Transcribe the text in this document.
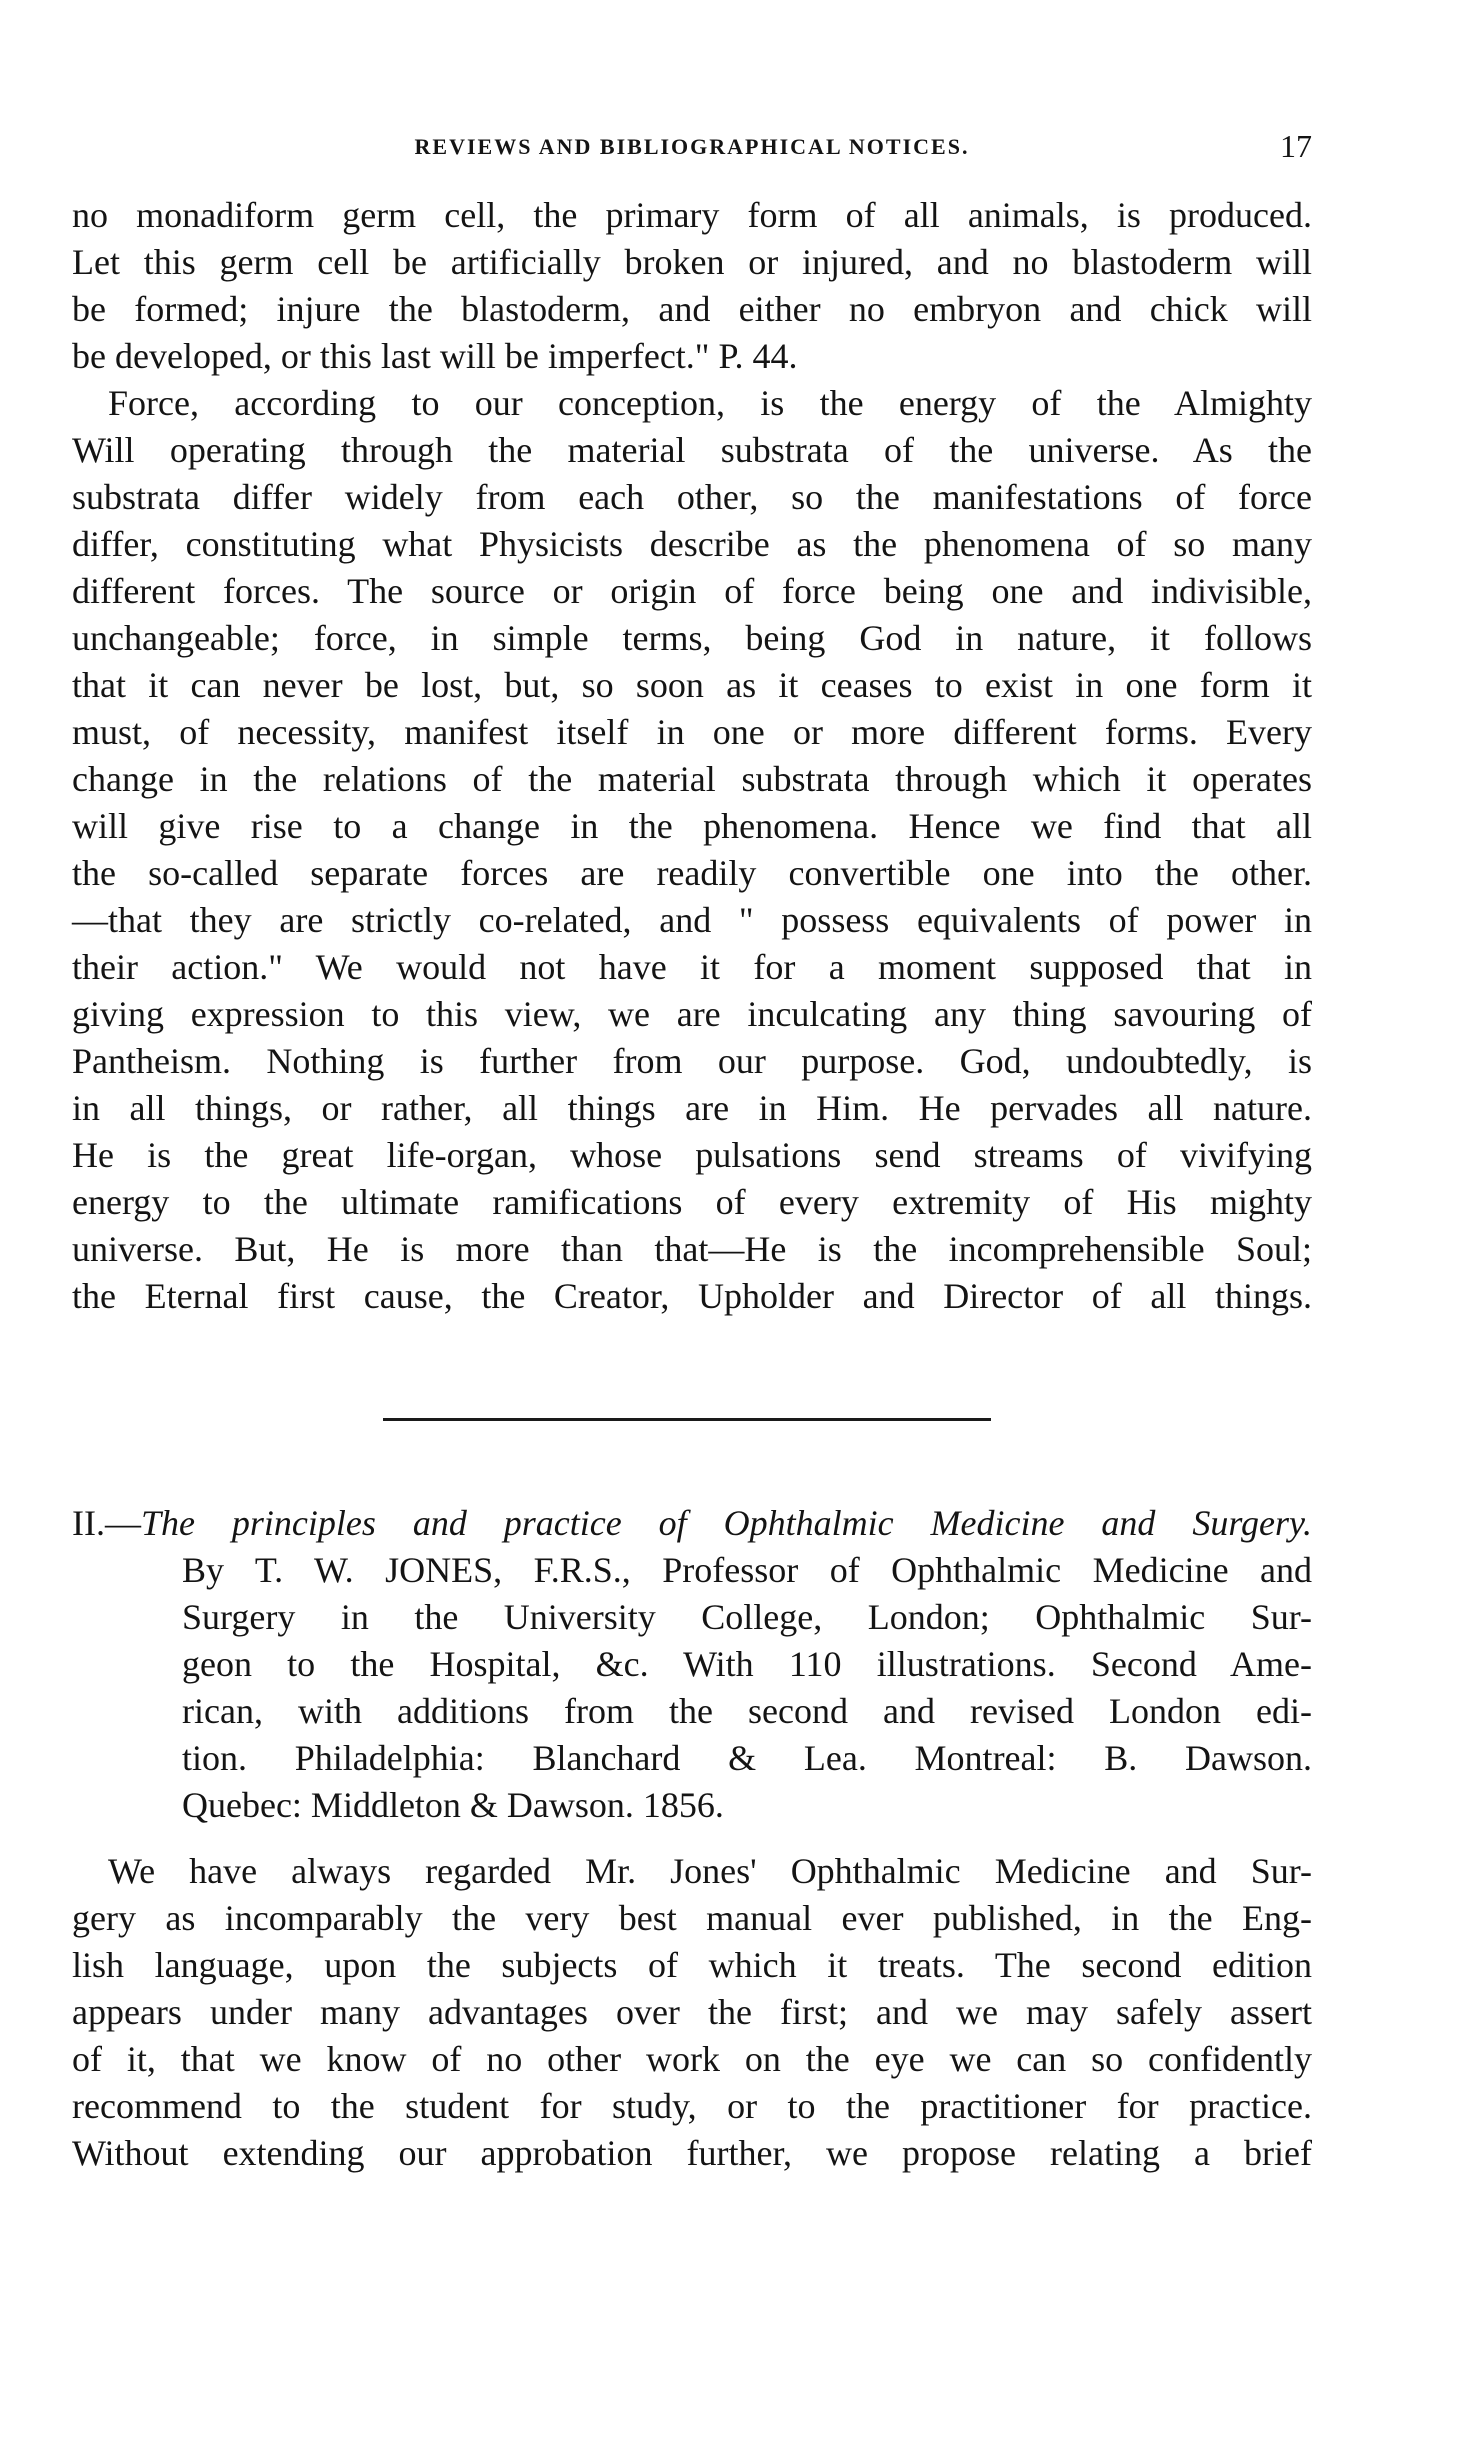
REVIEWS AND BIBLIOGRAPHICAL NOTICES.	17
no monadiform germ cell, the primary form of all animals, is produced.
Let this germ cell be artificially broken or injured, and no blastoderm will
be formed; injure the blastoderm, and either no embryon and chick will
be developed, or this last will be imperfect." P. 44.
Force, according to our conception, is the energy of the Almighty
Will operating through the material substrata of the universe. As the
substrata differ widely from each other, so the manifestations of force
differ, constituting what Physicists describe as the phenomena of so many
different forces. The source or origin of force being one and indivisible,
unchangeable; force, in simple terms, being God in nature, it follows
that it can never be lost, but, so soon as it ceases to exist in one form it
must, of necessity, manifest itself in one or more different forms. Every
change in the relations of the material substrata through which it operates
will give rise to a change in the phenomena. Hence we find that all
the so-called separate forces are readily convertible one into the other.
—that they are strictly co-related, and " possess equivalents of power in
their action." We would not have it for a moment supposed that in
giving expression to this view, we are inculcating any thing savouring of
Pantheism. Nothing is further from our purpose. God, undoubtedly, is
in all things, or rather, all things are in Him. He pervades all nature.
He is the great life-organ, whose pulsations send streams of vivifying
energy to the ultimate ramifications of every extremity of His mighty
universe. But, He is more than that—He is the incomprehensible Soul;
the Eternal first cause, the Creator, Upholder and Director of all things.
II.—The principles and practice of Ophthalmic Medicine and Surgery.
By T. W. JONES, F.R.S., Professor of Ophthalmic Medicine and
Surgery in the University College, London; Ophthalmic Sur-
geon to the Hospital, &c. With 110 illustrations. Second Ame-
rican, with additions from the second and revised London edi-
tion. Philadelphia: Blanchard & Lea. Montreal: B. Dawson.
Quebec: Middleton & Dawson. 1856.
We have always regarded Mr. Jones' Ophthalmic Medicine and Sur-
gery as incomparably the very best manual ever published, in the Eng-
lish language, upon the subjects of which it treats. The second edition
appears under many advantages over the first; and we may safely assert
of it, that we know of no other work on the eye we can so confidently
recommend to the student for study, or to the practitioner for practice.
Without extending our approbation further, we propose relating a brief
